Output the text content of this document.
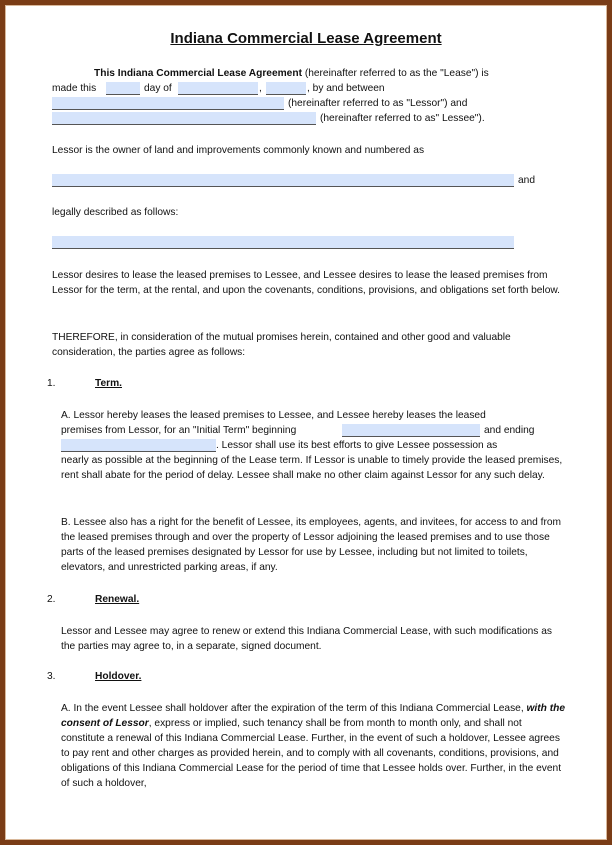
Indiana Commercial Lease Agreement
This Indiana Commercial Lease Agreement (hereinafter referred to as the "Lease") is
made this	day of	,	, by and between
(hereinafter referred to as "Lessor") and
(hereinafter referred to as" Lessee").
Lessor is the owner of land and improvements commonly known and numbered as
and
legally described as follows:
Lessor desires to lease the leased premises to Lessee, and Lessee desires to lease the leased premises from Lessor for the term, at the rental, and upon the covenants, conditions, provisions, and obligations set forth below.
THEREFORE, in consideration of the mutual promises herein, contained and other good and valuable consideration, the parties agree as follows:
1.	Term.
A. Lessor hereby leases the leased premises to Lessee, and Lessee hereby leases the leased
premises from Lessor, for an "Initial Term" beginning	and ending
. Lessor shall use its best efforts to give Lessee possession as
nearly as possible at the beginning of the Lease term. If Lessor is unable to timely provide the leased premises, rent shall abate for the period of delay. Lessee shall make no other claim against Lessor for any such delay.
B. Lessee also has a right for the benefit of Lessee, its employees, agents, and invitees, for access to and from the leased premises through and over the property of Lessor adjoining the leased premises and to use those parts of the leased premises designated by Lessor for use by Lessee, including but not limited to toilets, elevators, and unrestricted parking areas, if any.
2.	Renewal.
Lessor and Lessee may agree to renew or extend this Indiana Commercial Lease, with such modifications as the parties may agree to, in a separate, signed document.
3.	Holdover.
A. In the event Lessee shall holdover after the expiration of the term of this Indiana Commercial Lease, with the consent of Lessor, express or implied, such tenancy shall be from month to month only, and shall not constitute a renewal of this Indiana Commercial Lease. Further, in the event of such a holdover, Lessee agrees to pay rent and other charges as provided herein, and to comply with all covenants, conditions, provisions, and obligations of this Indiana Commercial Lease for the period of time that Lessee holds over. Further, in the event of such a holdover,
